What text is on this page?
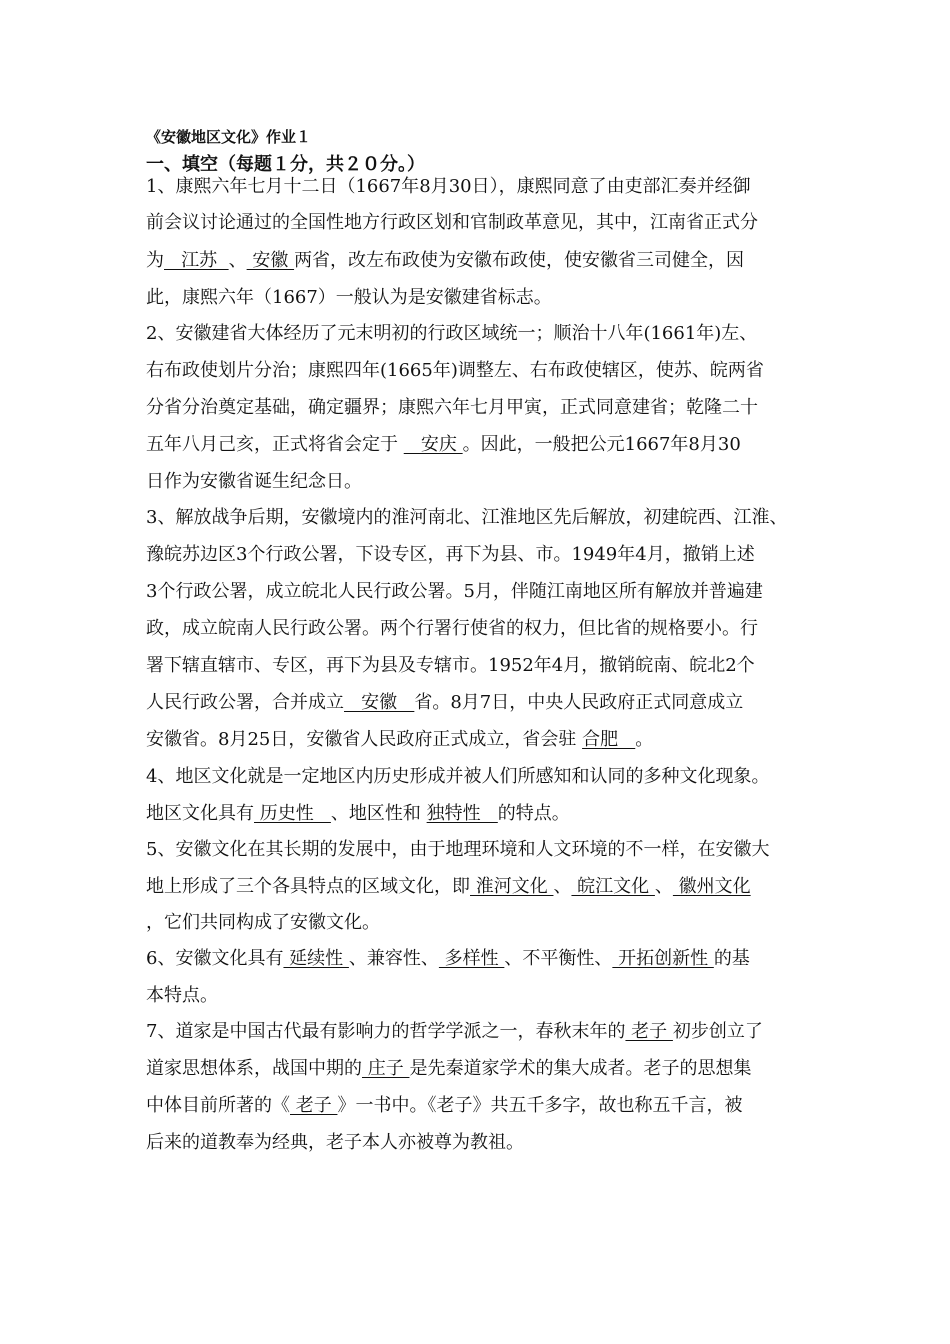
《安徽地区文化》作业１
一、填空（每题１分，共２０分。）
1、康熙六年七月十二日（1667年8月30日），康熙同意了由吏部汇奏并经御
前会议讨论通过的全国性地方行政区划和官制政革意见，其中，江南省正式分
为   江苏  、 安徽 两省，改左布政使为安徽布政使，使安徽省三司健全，因
此，康熙六年（1667）一般认为是安徽建省标志。
2、安徽建省大体经历了元末明初的行政区域统一；顺治十八年(1661年)左、
右布政使划片分治；康熙四年(1665年)调整左、右布政使辖区，使苏、皖两省
分省分治奠定基础，确定疆界；康熙六年七月甲寅，正式同意建省；乾隆二十
五年八月己亥，正式将省会定于    安庆 。因此，一般把公元1667年8月30
日作为安徽省诞生纪念日。
3、解放战争后期，安徽境内的淮河南北、江淮地区先后解放，初建皖西、江淮、
豫皖苏边区3个行政公署，下设专区，再下为县、市。1949年4月，撤销上述
3个行政公署，成立皖北人民行政公署。5月，伴随江南地区所有解放并普遍建
政，成立皖南人民行政公署。两个行署行使省的权力，但比省的规格要小。行
署下辖直辖市、专区，再下为县及专辖市。1952年4月，撤销皖南、皖北2个
人民行政公署，合并成立   安徽   省。8月7日，中央人民政府正式同意成立
安徽省。8月25日，安徽省人民政府正式成立，省会驻 合肥   。
4、地区文化就是一定地区内历史形成并被人们所感知和认同的多种文化现象。
地区文化具有 历史性   、地区性和 独特性   的特点。
5、安徽文化在其长期的发展中，由于地理环境和人文环境的不一样，在安徽大
地上形成了三个各具特点的区域文化，即 淮河文化 、 皖江文化 、 徽州文化
，它们共同构成了安徽文化。
6、安徽文化具有 延续性 、兼容性、 多样性 、不平衡性、 开拓创新性 的基
本特点。
7、道家是中国古代最有影响力的哲学学派之一，春秋末年的 老子 初步创立了
道家思想体系，战国中期的 庄子 是先秦道家学术的集大成者。老子的思想集
中体目前所著的《 老子 》一书中。《老子》共五千多字，故也称五千言，被
后来的道教奉为经典，老子本人亦被尊为教祖。
